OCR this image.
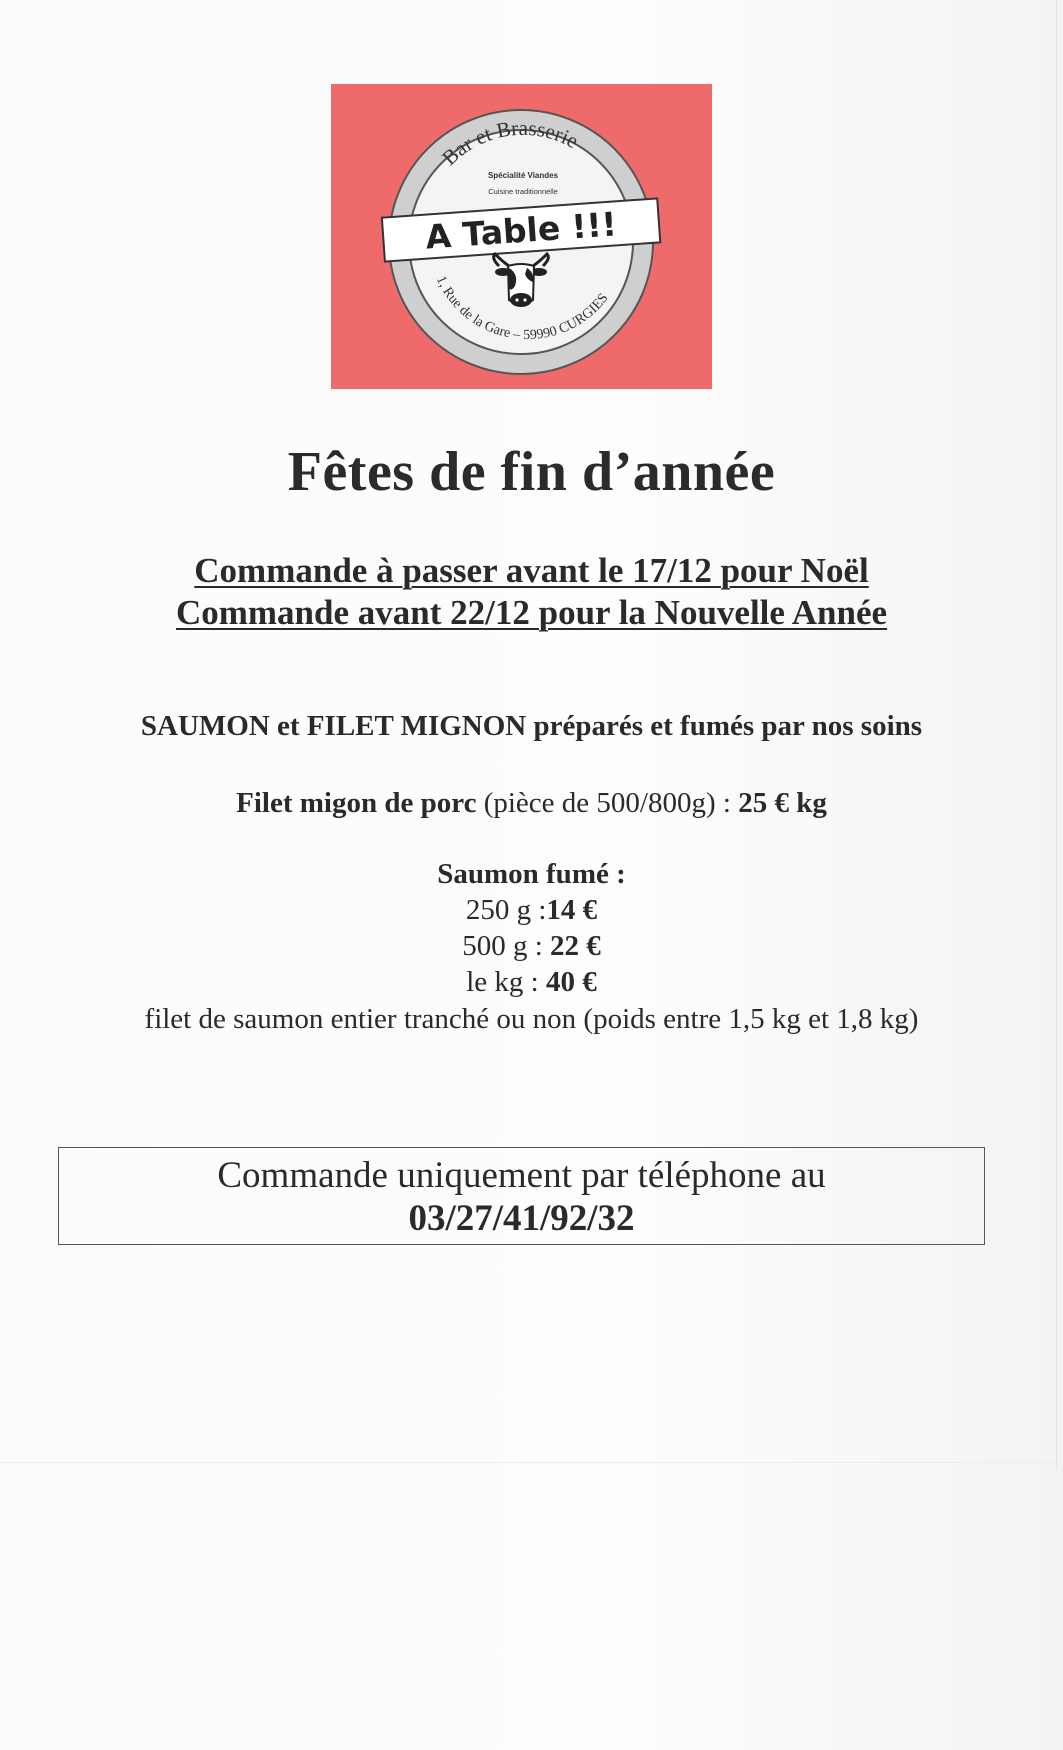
Bar et Brasserie
1, Rue de la Gare – 59990 CURGIES
Spécialité Viandes
Cuisine traditionnelle
A Table !!!
Fêtes de fin d’année
Commande à passer avant le 17/12 pour Noël
Commande avant 22/12 pour la Nouvelle Année
SAUMON et FILET MIGNON préparés et fumés par nos soins
Filet migon de porc (pièce de 500/800g) : 25 € kg
Saumon fumé :
250 g :14 €
500 g : 22 €
le kg : 40 €
filet de saumon entier tranché ou non (poids entre 1,5 kg et 1,8 kg)
Commande uniquement par téléphone au
03/27/41/92/32
